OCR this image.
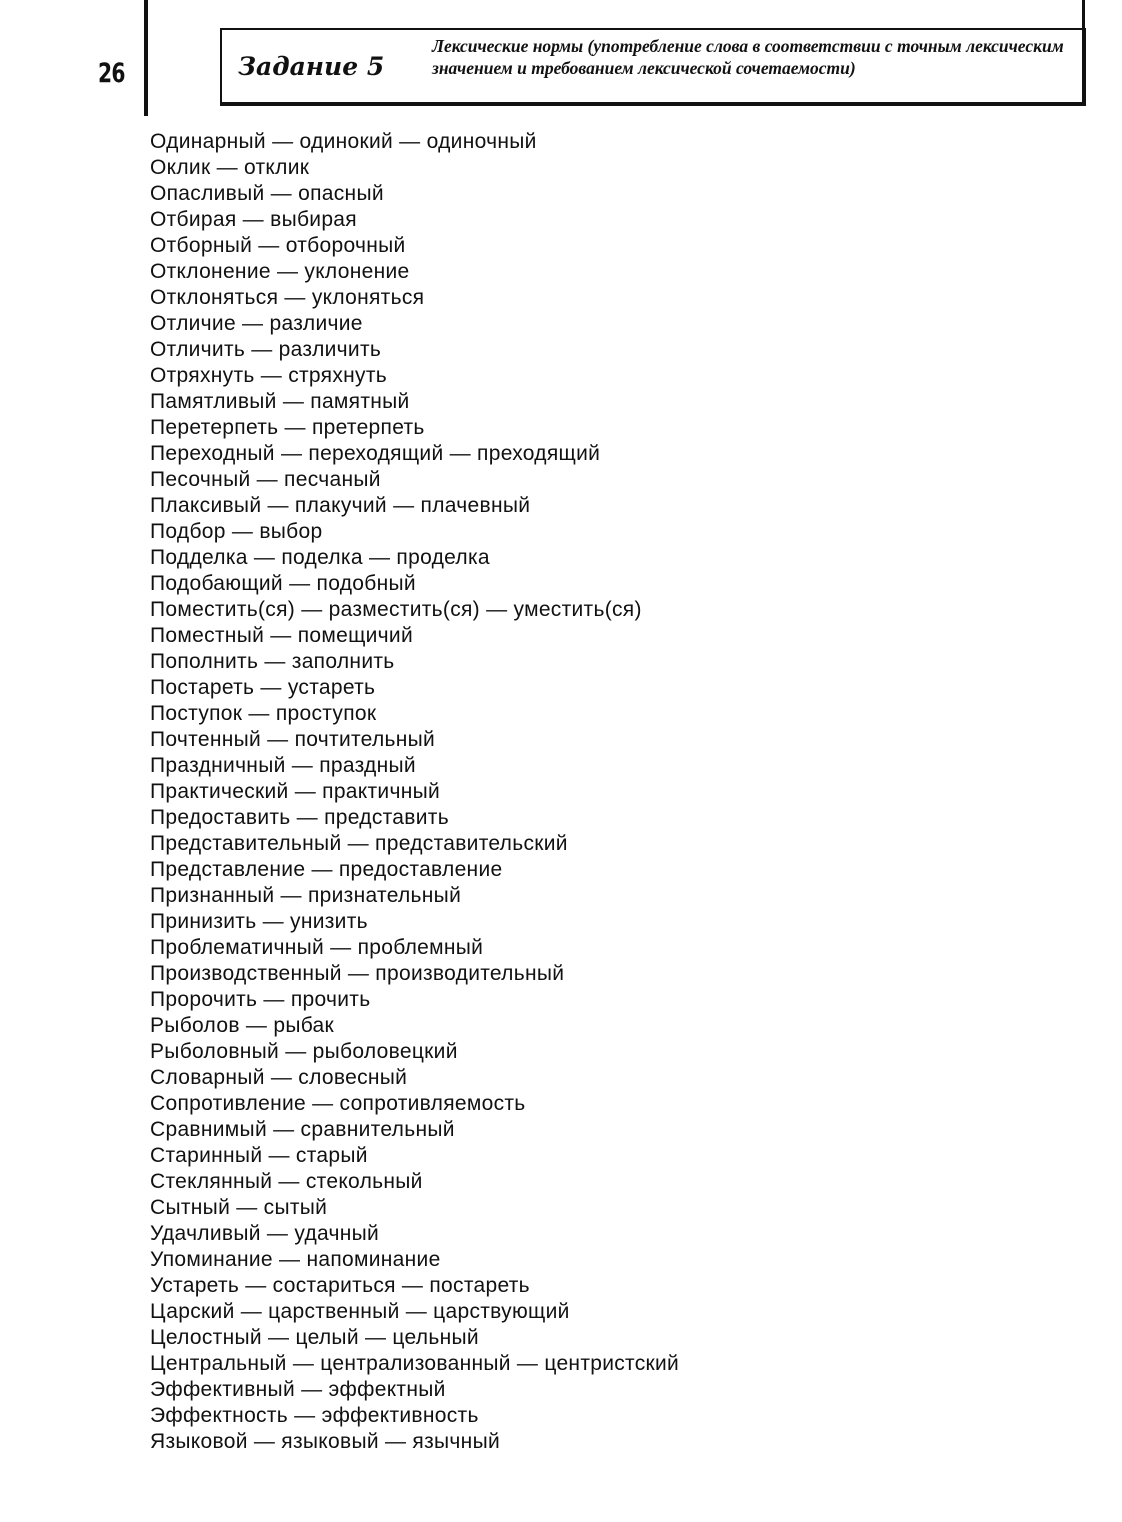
26	Задание 5
Лексические нормы (употребление слова в соответствии с точным лексическим значением и требованием лексической сочетаемости)
Одинарный — одинокий — одиночный
Оклик — отклик
Опасливый — опасный
Отбирая — выбирая
Отборный — отборочный
Отклонение — уклонение
Отклоняться — уклоняться
Отличие — различие
Отличить — различить
Отряхнуть — стряхнуть
Памятливый — памятный
Перетерпеть — претерпеть
Переходный — переходящий — преходящий
Песочный — песчаный
Плаксивый — плакучий — плачевный
Подбор — выбор
Подделка — поделка — проделка
Подобающий — подобный
Поместить(ся) — разместить(ся) — уместить(ся)
Поместный — помещичий
Пополнить — заполнить
Постареть — устареть
Поступок — проступок
Почтенный — почтительный
Праздничный — праздный
Практический — практичный
Предоставить — представить
Представительный — представительский
Представление — предоставление
Признанный — признательный
Принизить — унизить
Проблематичный — проблемный
Производственный — производительный
Пророчить — прочить
Рыболов — рыбак
Рыболовный — рыболовецкий
Словарный — словесный
Сопротивление — сопротивляемость
Сравнимый — сравнительный
Старинный — старый
Стеклянный — стекольный
Сытный — сытый
Удачливый — удачный
Упоминание — напоминание
Устареть — состариться — постареть
Царский — царственный — царствующий
Целостный — целый — цельный
Центральный — централизованный — центристский
Эффективный — эффектный
Эффектность — эффективность
Языковой — языковый — язычный
